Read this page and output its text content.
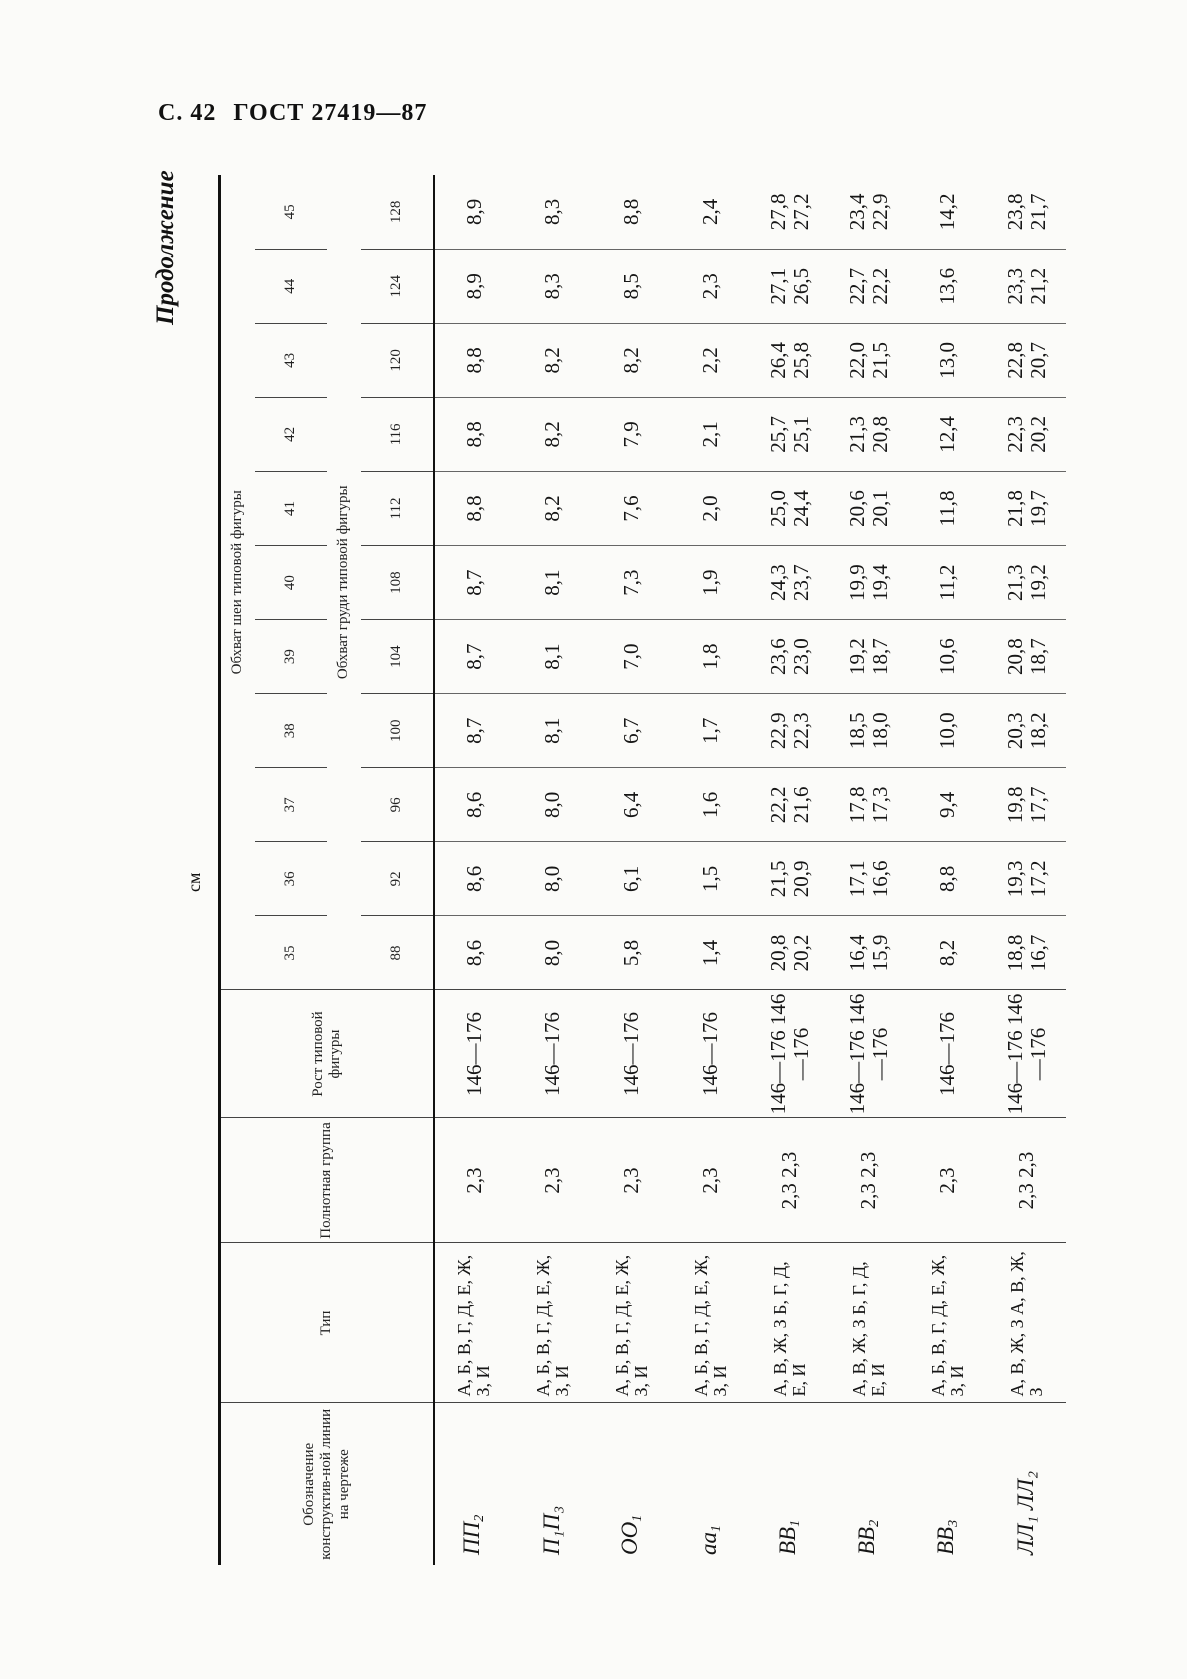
С. 42 ГОСТ 27419—87
Продолжение
см
Обозначение конструктив-ной линии на чертеже	Тип	Полнотная группа	Рост типовой фигуры	Обхват шеи типовой фигуры										
				35	36	37	38	39	40	41	42	43	44	45
				Обхват груди типовой фигуры										
				88	92	96	100	104	108	112	116	120	124	128
$ПП_2$	А, Б, В, Г, Д, Е, Ж, З, И	2,3	146—176	8,6	8,6	8,6	8,7	8,7	8,7	8,8	8,8	8,8	8,9	8,9
П₁П₃	А, Б, В, Г, Д, Е, Ж, З, И	2,3	146—176	8,0	8,0	8,0	8,1	8,1	8,1	8,2	8,2	8,2	8,3	8,3
$ОО_1$	А, Б, В, Г, Д, Е, Ж, З, И	2,3	146—176	5,8	6,1	6,4	6,7	7,0	7,3	7,6	7,9	8,2	8,5	8,8
$аа_1$	А, Б, В, Г, Д, Е, Ж, З, И	2,3	146—176	1,4	1,5	1,6	1,7	1,8	1,9	2,0	2,1	2,2	2,3	2,4
$ВВ_1$	А, В, Ж, З Б, Г, Д, Е, И	2,3 2,3	146—176 146—176	20,8 20,2	21,5 20,9	22,2 21,6	22,9 22,3	23,6 23,0	24,3 23,7	25,0 24,4	25,7 25,1	26,4 25,8	27,1 26,5	27,8 27,2
$ВВ_2$	А, В, Ж, З Б, Г, Д, Е, И	2,3 2,3	146—176 146—176	16,4 15,9	17,1 16,6	17,8 17,3	18,5 18,0	19,2 18,7	19,9 19,4	20,6 20,1	21,3 20,8	22,0 21,5	22,7 22,2	23,4 22,9
$ВВ_3$	А, Б, В, Г, Д, Е, Ж, З, И	2,3	146—176	8,2	8,8	9,4	10,0	10,6	11,2	11,8	12,4	13,0	13,6	14,2
ЛЛ₁ ЛЛ₂	А, В, Ж, З А, В, Ж, З	2,3 2,3	146—176 146—176	18,8 16,7	19,3 17,2	19,8 17,7	20,3 18,2	20,8 18,7	21,3 19,2	21,8 19,7	22,3 20,2	22,8 20,7	23,3 21,2	23,8 21,7
